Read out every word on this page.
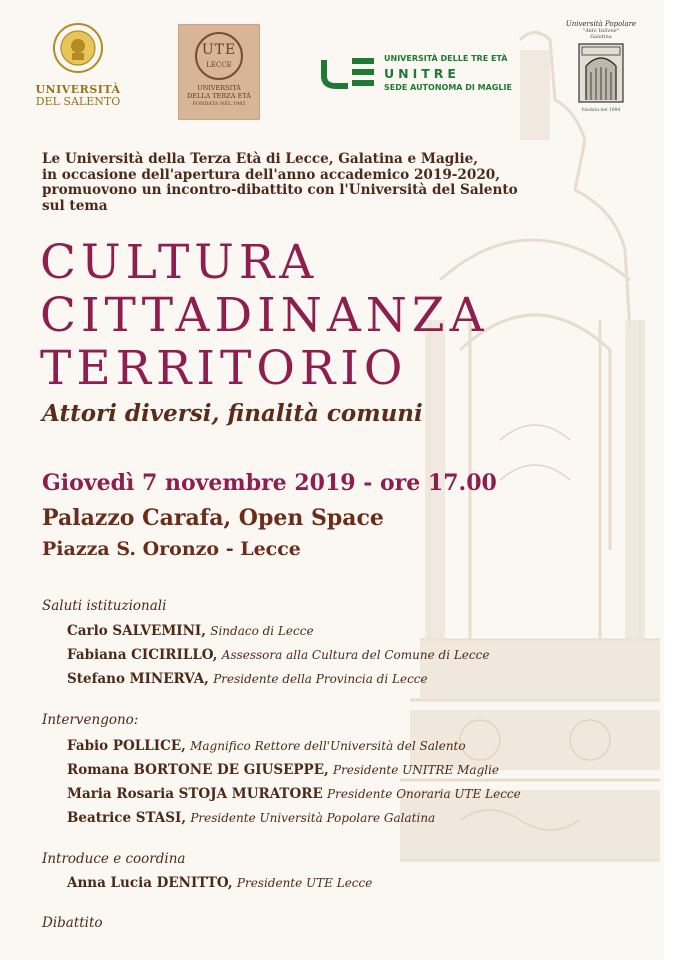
UNIVERSITÀ
DEL SALENTO
UTE
LECCE
UNIVERSITÀ
DELLA TERZA ETÀ
FONDATA NEL 1985
UNIVERSITÀ DELLE TRE ETÀ
UNITRE
SEDE AUTONOMA DI MAGLIE
Università Popolare
"Aldo Vallone"
Galatina
fondata nel 1984
Le Università della Terza Età di Lecce, Galatina e Maglie,
in occasione dell'apertura dell'anno accademico 2019-2020,
promuovono un incontro-dibattito con l'Università del Salento
sul tema
CULTURA
CITTADINANZA
TERRITORIO
Attori diversi, finalità comuni
Giovedì 7 novembre 2019 - ore 17.00
Palazzo Carafa, Open Space
Piazza S. Oronzo - Lecce
Saluti istituzionali
Carlo SALVEMINI, Sindaco di Lecce
Fabiana CICIRILLO, Assessora alla Cultura del Comune di Lecce
Stefano MINERVA, Presidente della Provincia di Lecce
Intervengono:
Fabio POLLICE, Magnifico Rettore dell'Università del Salento
Romana BORTONE DE GIUSEPPE, Presidente UNITRE Maglie
Maria Rosaria STOJA MURATORE Presidente Onoraria UTE Lecce
Beatrice STASI, Presidente Università Popolare Galatina
Introduce e coordina
Anna Lucia DENITTO, Presidente UTE Lecce
Dibattito
